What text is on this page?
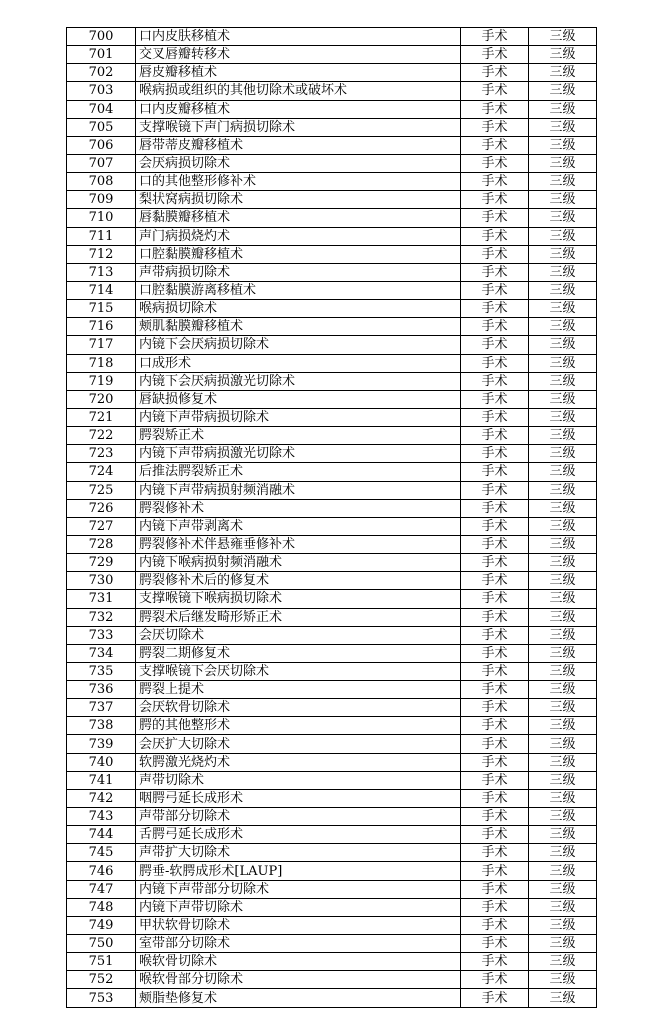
700	口内皮肤移植术	手术	三级
701	交叉唇瓣转移术	手术	三级
702	唇皮瓣移植术	手术	三级
703	喉病损或组织的其他切除术或破坏术	手术	三级
704	口内皮瓣移植术	手术	三级
705	支撑喉镜下声门病损切除术	手术	三级
706	唇带蒂皮瓣移植术	手术	三级
707	会厌病损切除术	手术	三级
708	口的其他整形修补术	手术	三级
709	梨状窝病损切除术	手术	三级
710	唇黏膜瓣移植术	手术	三级
711	声门病损烧灼术	手术	三级
712	口腔黏膜瓣移植术	手术	三级
713	声带病损切除术	手术	三级
714	口腔黏膜游离移植术	手术	三级
715	喉病损切除术	手术	三级
716	颊肌黏膜瓣移植术	手术	三级
717	内镜下会厌病损切除术	手术	三级
718	口成形术	手术	三级
719	内镜下会厌病损激光切除术	手术	三级
720	唇缺损修复术	手术	三级
721	内镜下声带病损切除术	手术	三级
722	腭裂矫正术	手术	三级
723	内镜下声带病损激光切除术	手术	三级
724	后推法腭裂矫正术	手术	三级
725	内镜下声带病损射频消融术	手术	三级
726	腭裂修补术	手术	三级
727	内镜下声带剥离术	手术	三级
728	腭裂修补术伴悬雍垂修补术	手术	三级
729	内镜下喉病损射频消融术	手术	三级
730	腭裂修补术后的修复术	手术	三级
731	支撑喉镜下喉病损切除术	手术	三级
732	腭裂术后继发畸形矫正术	手术	三级
733	会厌切除术	手术	三级
734	腭裂二期修复术	手术	三级
735	支撑喉镜下会厌切除术	手术	三级
736	腭裂上提术	手术	三级
737	会厌软骨切除术	手术	三级
738	腭的其他整形术	手术	三级
739	会厌扩大切除术	手术	三级
740	软腭激光烧灼术	手术	三级
741	声带切除术	手术	三级
742	咽腭弓延长成形术	手术	三级
743	声带部分切除术	手术	三级
744	舌腭弓延长成形术	手术	三级
745	声带扩大切除术	手术	三级
746	腭垂-软腭成形术[LAUP]	手术	三级
747	内镜下声带部分切除术	手术	三级
748	内镜下声带切除术	手术	三级
749	甲状软骨切除术	手术	三级
750	室带部分切除术	手术	三级
751	喉软骨切除术	手术	三级
752	喉软骨部分切除术	手术	三级
753	颊脂垫修复术	手术	三级
